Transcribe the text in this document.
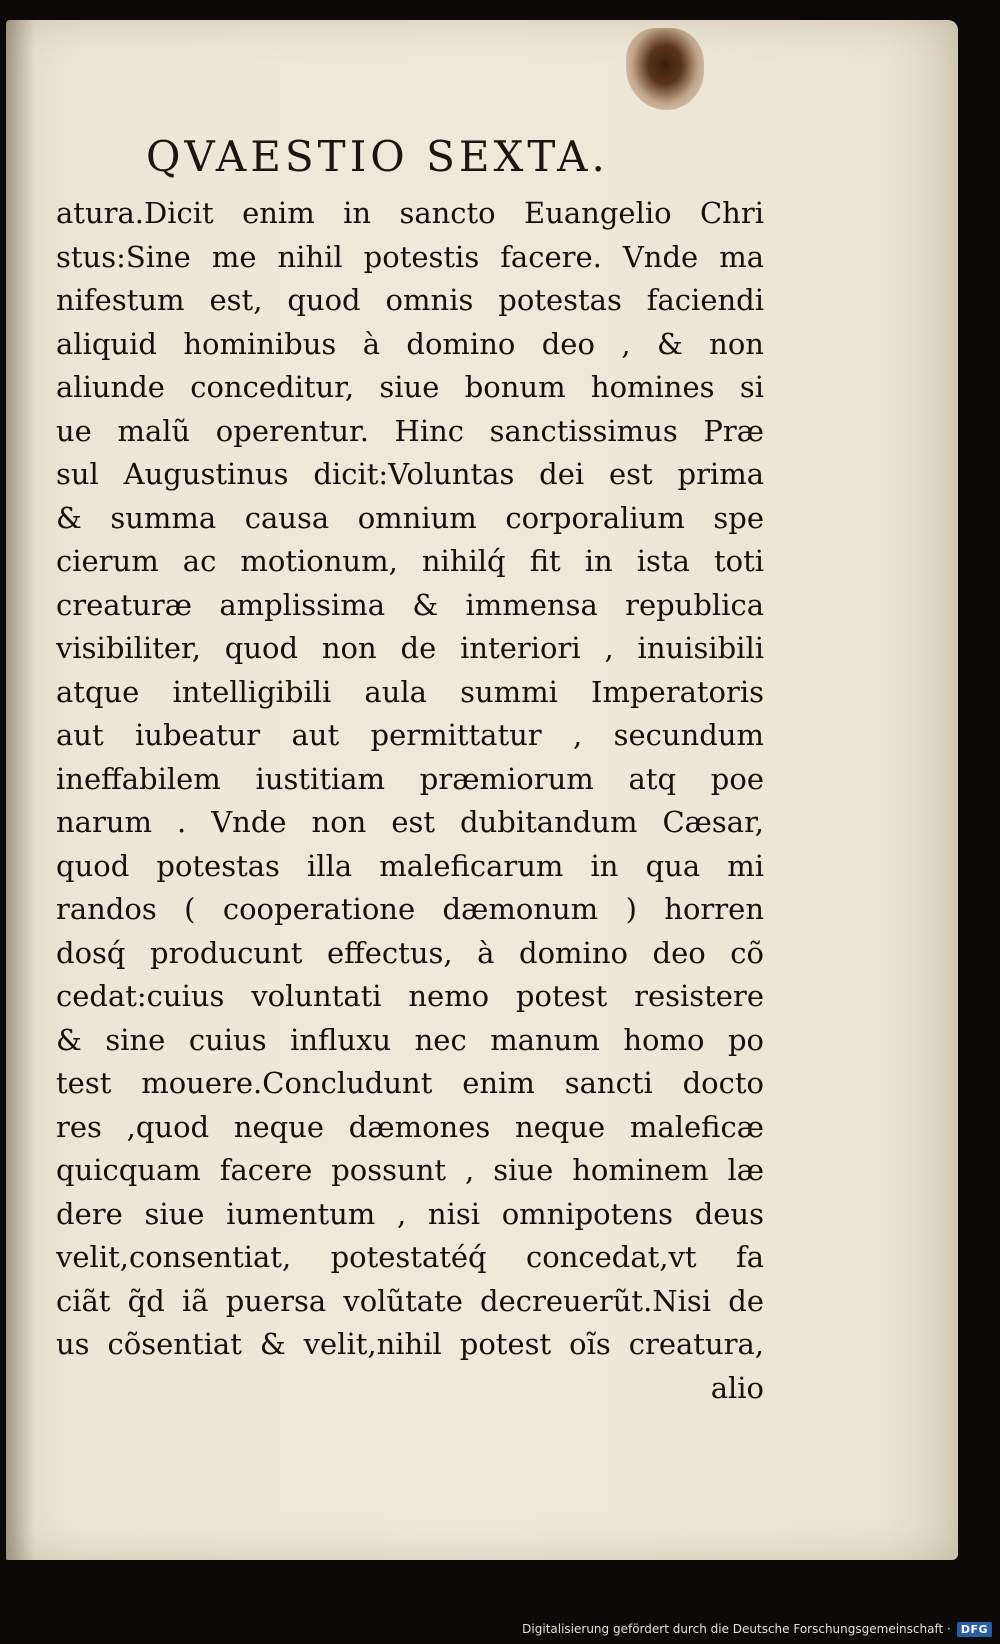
QVAESTIO SEXTA.
atura.Dicit enim in sancto Euangelio Chri
stus:Sine me nihil potestis facere. Vnde ma
nifestum est, quod omnis potestas faciendi
aliquid hominibus à domino deo , & non
aliunde conceditur, siue bonum homines si
ue malũ operentur. Hinc sanctissimus Præ
sul Augustinus dicit:Voluntas dei est prima
& summa causa omnium corporalium spe
cierum ac motionum, nihilq́ fit in ista toti
creaturæ amplissima & immensa republica
visibiliter, quod non de interiori , inuisibili
atque intelligibili aula summi Imperatoris
aut iubeatur aut permittatur , secundum
ineffabilem iustitiam præmiorum atq poe
narum . Vnde non est dubitandum Cæsar,
quod potestas illa maleficarum in qua mi
randos ( cooperatione dæmonum ) horren
dosq́ producunt effectus, à domino deo cõ
cedat:cuius voluntati nemo potest resistere
& sine cuius influxu nec manum homo po
test mouere.Concludunt enim sancti docto
res ,quod neque dæmones neque maleficæ
quicquam facere possunt , siue hominem læ
dere siue iumentum , nisi omnipotens deus
velit,consentiat, potestatéq́ concedat,vt fa
ciãt q̃d iã puersa volũtate decreuerũt.Nisi de
us cõsentiat & velit,nihil potest oĩs creatura,
alio
Digitalisierung gefördert durch die Deutsche Forschungsgemeinschaft · DFG
